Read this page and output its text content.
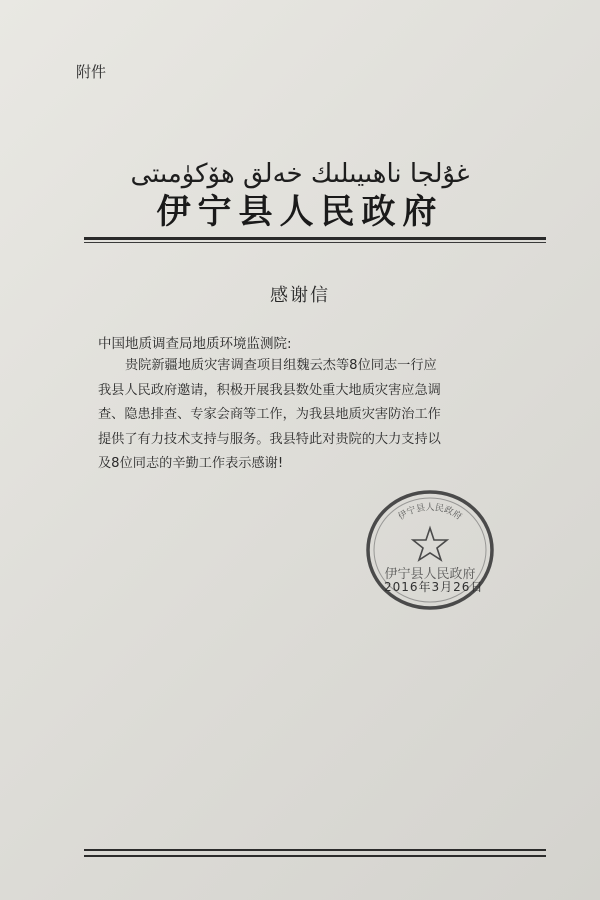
附件
غۇلجا ناھىيىلىك خەلق ھۆكۈمىتى
伊宁县人民政府
感谢信
中国地质调查局地质环境监测院:
贵院新疆地质灾害调查项目组魏云杰等8位同志一行应
我县人民政府邀请，积极开展我县数处重大地质灾害应急调
查、隐患排查、专家会商等工作，为我县地质灾害防治工作
提供了有力技术支持与服务。我县特此对贵院的大力支持以
及8位同志的辛勤工作表示感谢!
伊宁县人民政府
伊宁县人民政府
2016年3月26日
